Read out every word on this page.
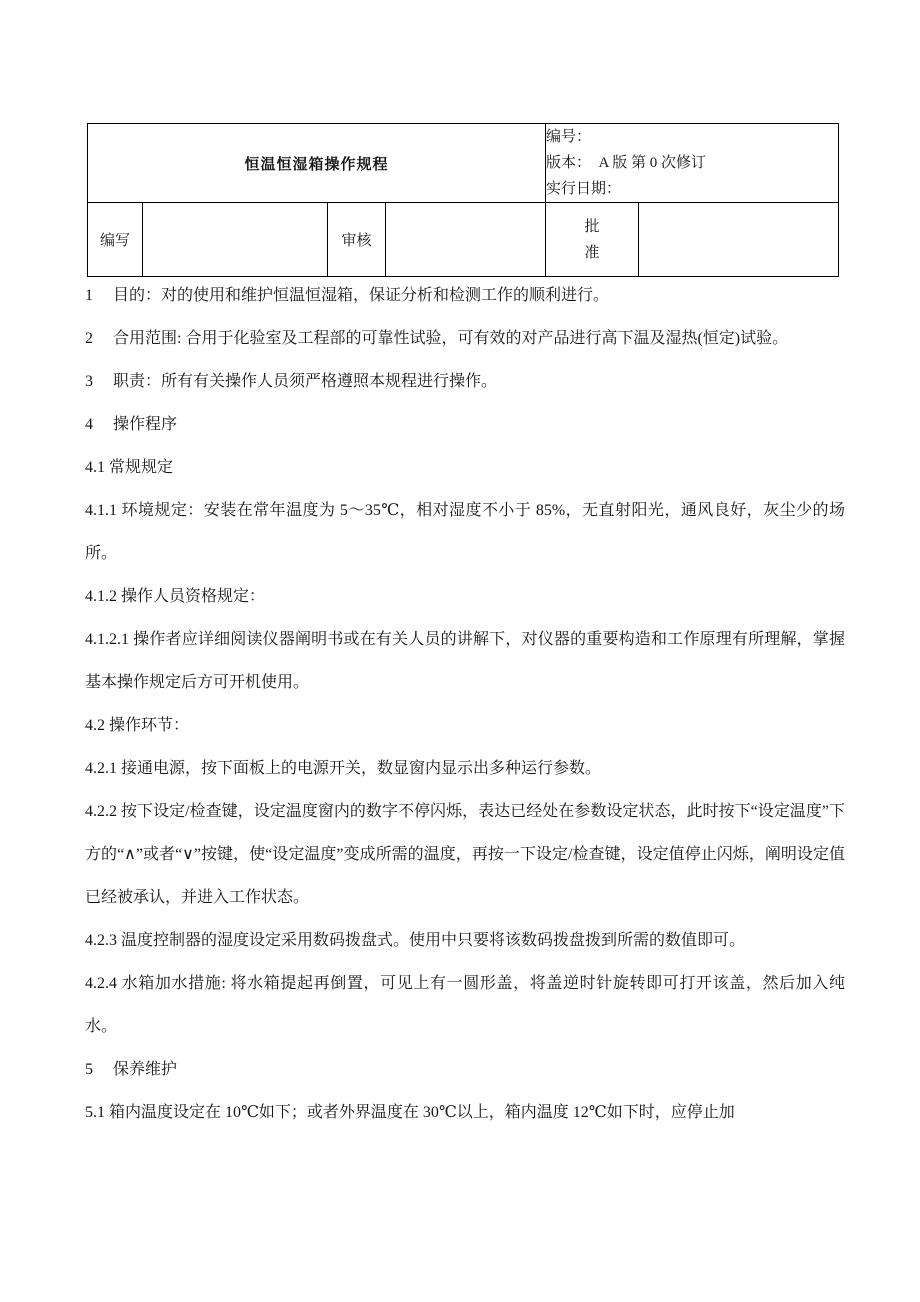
恒温恒湿箱操作规程				编号：
版本：  A 版 第 0 次修订
实行日期：	

编写		审核		批准	
1 目的：对的使用和维护恒温恒湿箱，保证分析和检测工作的顺利进行。
2 合用范围: 合用于化验室及工程部的可靠性试验，可有效的对产品进行高下温及湿热(恒定)试验。
3 职责：所有有关操作人员须严格遵照本规程进行操作。
4 操作程序
4.1 常规规定
4.1.1 环境规定：安装在常年温度为 5～35℃，相对湿度不小于 85%，无直射阳光，通风良好，灰尘少的场所。
4.1.2 操作人员资格规定：
4.1.2.1 操作者应详细阅读仪器阐明书或在有关人员的讲解下，对仪器的重要构造和工作原理有所理解，掌握基本操作规定后方可开机使用。
4.2 操作环节：
4.2.1 接通电源，按下面板上的电源开关，数显窗内显示出多种运行参数。
4.2.2 按下设定/检查键，设定温度窗内的数字不停闪烁，表达已经处在参数设定状态，此时按下“设定温度”下方的“∧”或者“∨”按键，使“设定温度”变成所需的温度，再按一下设定/检查键，设定值停止闪烁，阐明设定值已经被承认，并进入工作状态。
4.2.3 温度控制器的湿度设定采用数码拨盘式。使用中只要将该数码拨盘拨到所需的数值即可。
4.2.4 水箱加水措施: 将水箱提起再倒置，可见上有一圆形盖，将盖逆时针旋转即可打开该盖，然后加入纯水。
5 保养维护
5.1 箱内温度设定在 10℃如下；或者外界温度在 30℃以上，箱内温度 12℃如下时，应停止加
